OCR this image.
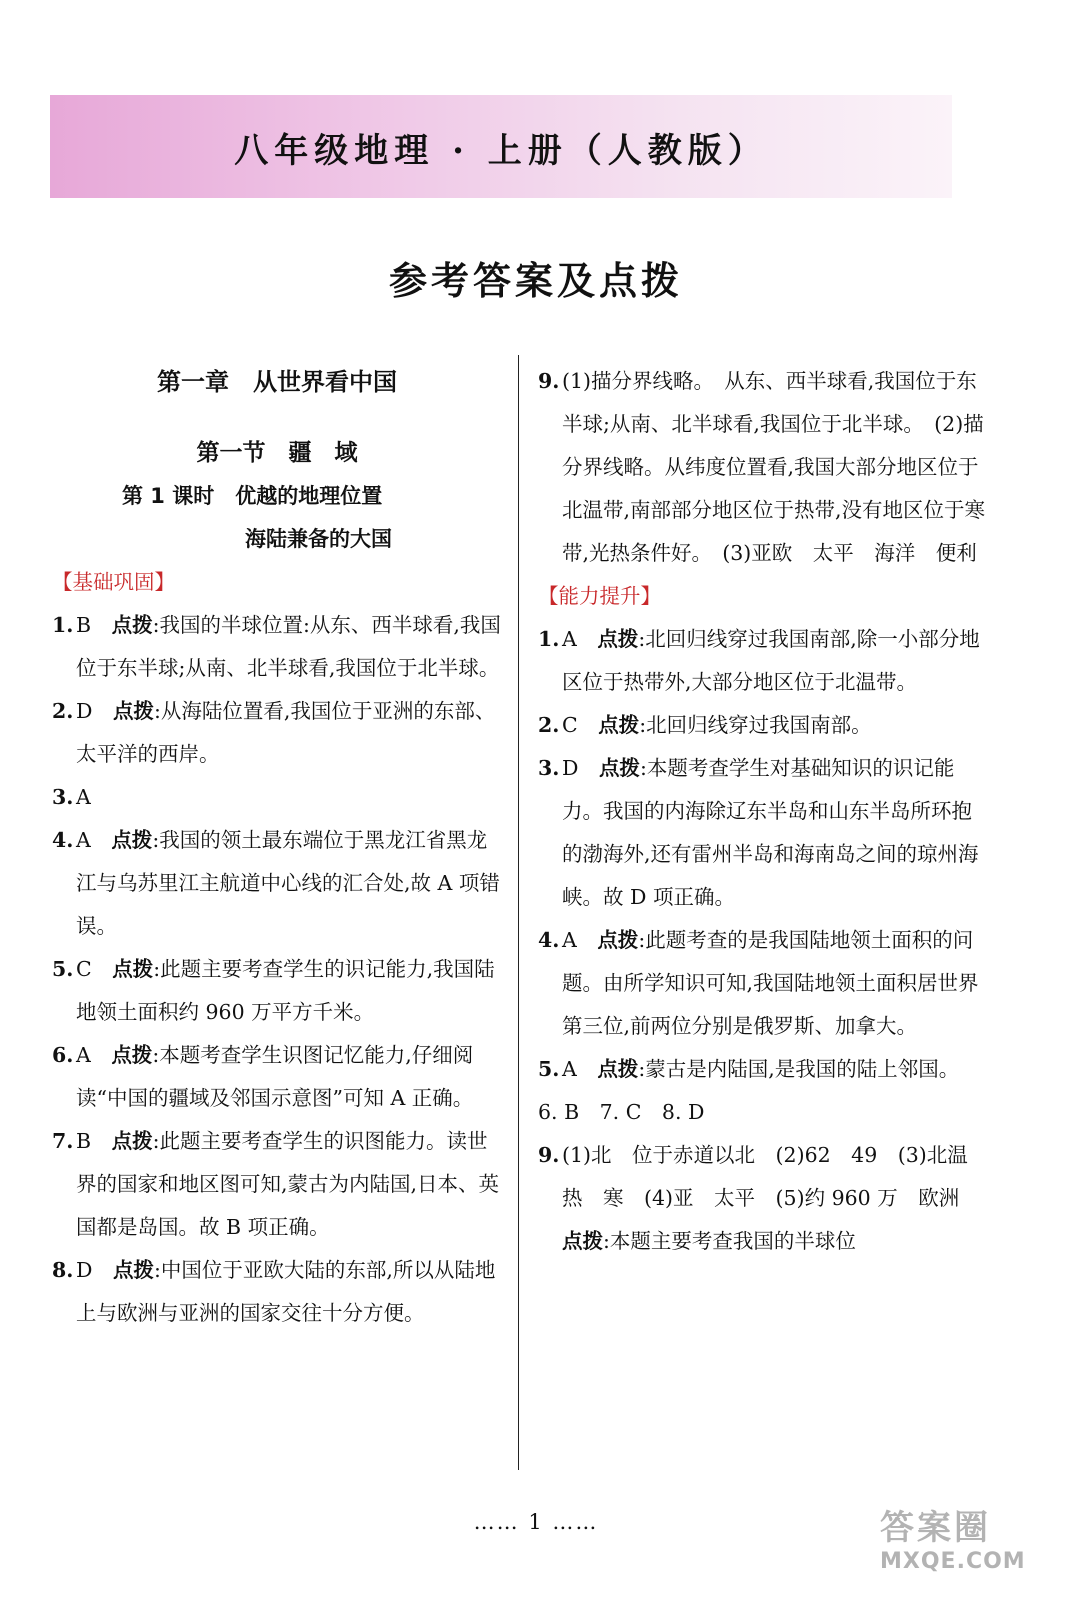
八年级地理 · 上册（人教版）
参考答案及点拨
第一章　从世界看中国
第一节　疆　域
第 1 课时　优越的地理位置
海陆兼备的大国
【基础巩固】
1. B　 点拨:我国的半球位置:从东、西半球看,我国位于东半球;从南、北半球看,我国位于北半球。
2. D　 点拨:从海陆位置看,我国位于亚洲的东部、太平洋的西岸。
3. A
4. A　 点拨:我国的领土最东端位于黑龙江省黑龙江与乌苏里江主航道中心线的汇合处,故 A 项错误。
5. C　 点拨:此题主要考查学生的识记能力,我国陆地领土面积约 960 万平方千米。
6. A　 点拨:本题考查学生识图记忆能力,仔细阅读“中国的疆域及邻国示意图”可知 A 正确。
7. B　 点拨:此题主要考查学生的识图能力。读世界的国家和地区图可知,蒙古为内陆国,日本、英国都是岛国。故 B 项正确。
8. D　 点拨:中国位于亚欧大陆的东部,所以从陆地上与欧洲与亚洲的国家交往十分方便。
9. (1)描分界线略。　从东、西半球看,我国位于东半球;从南、北半球看,我国位于北半球。　(2)描分界线略。从纬度位置看,我国大部分地区位于北温带,南部部分地区位于热带,没有地区位于寒带,光热条件好。　(3)亚欧　太平　海洋　便利
【能力提升】
1. A　 点拨:北回归线穿过我国南部,除一小部分地区位于热带外,大部分地区位于北温带。
2. C　 点拨:北回归线穿过我国南部。
3. D　 点拨:本题考查学生对基础知识的识记能力。我国的内海除辽东半岛和山东半岛所环抱的渤海外,还有雷州半岛和海南岛之间的琼州海峡。故 D 项正确。
4. A　 点拨:此题考查的是我国陆地领土面积的问题。由所学知识可知,我国陆地领土面积居世界第三位,前两位分别是俄罗斯、加拿大。
5. A　 点拨:蒙古是内陆国,是我国的陆上邻国。
6. B　7. C　8. D
9. (1)北　位于赤道以北　(2)62　49　(3)北温　热　寒　(4)亚　太平　(5)约 960 万　欧洲　点拨:本题主要考查我国的半球位
…… 1 ……	答案圈
MXQE.COM
